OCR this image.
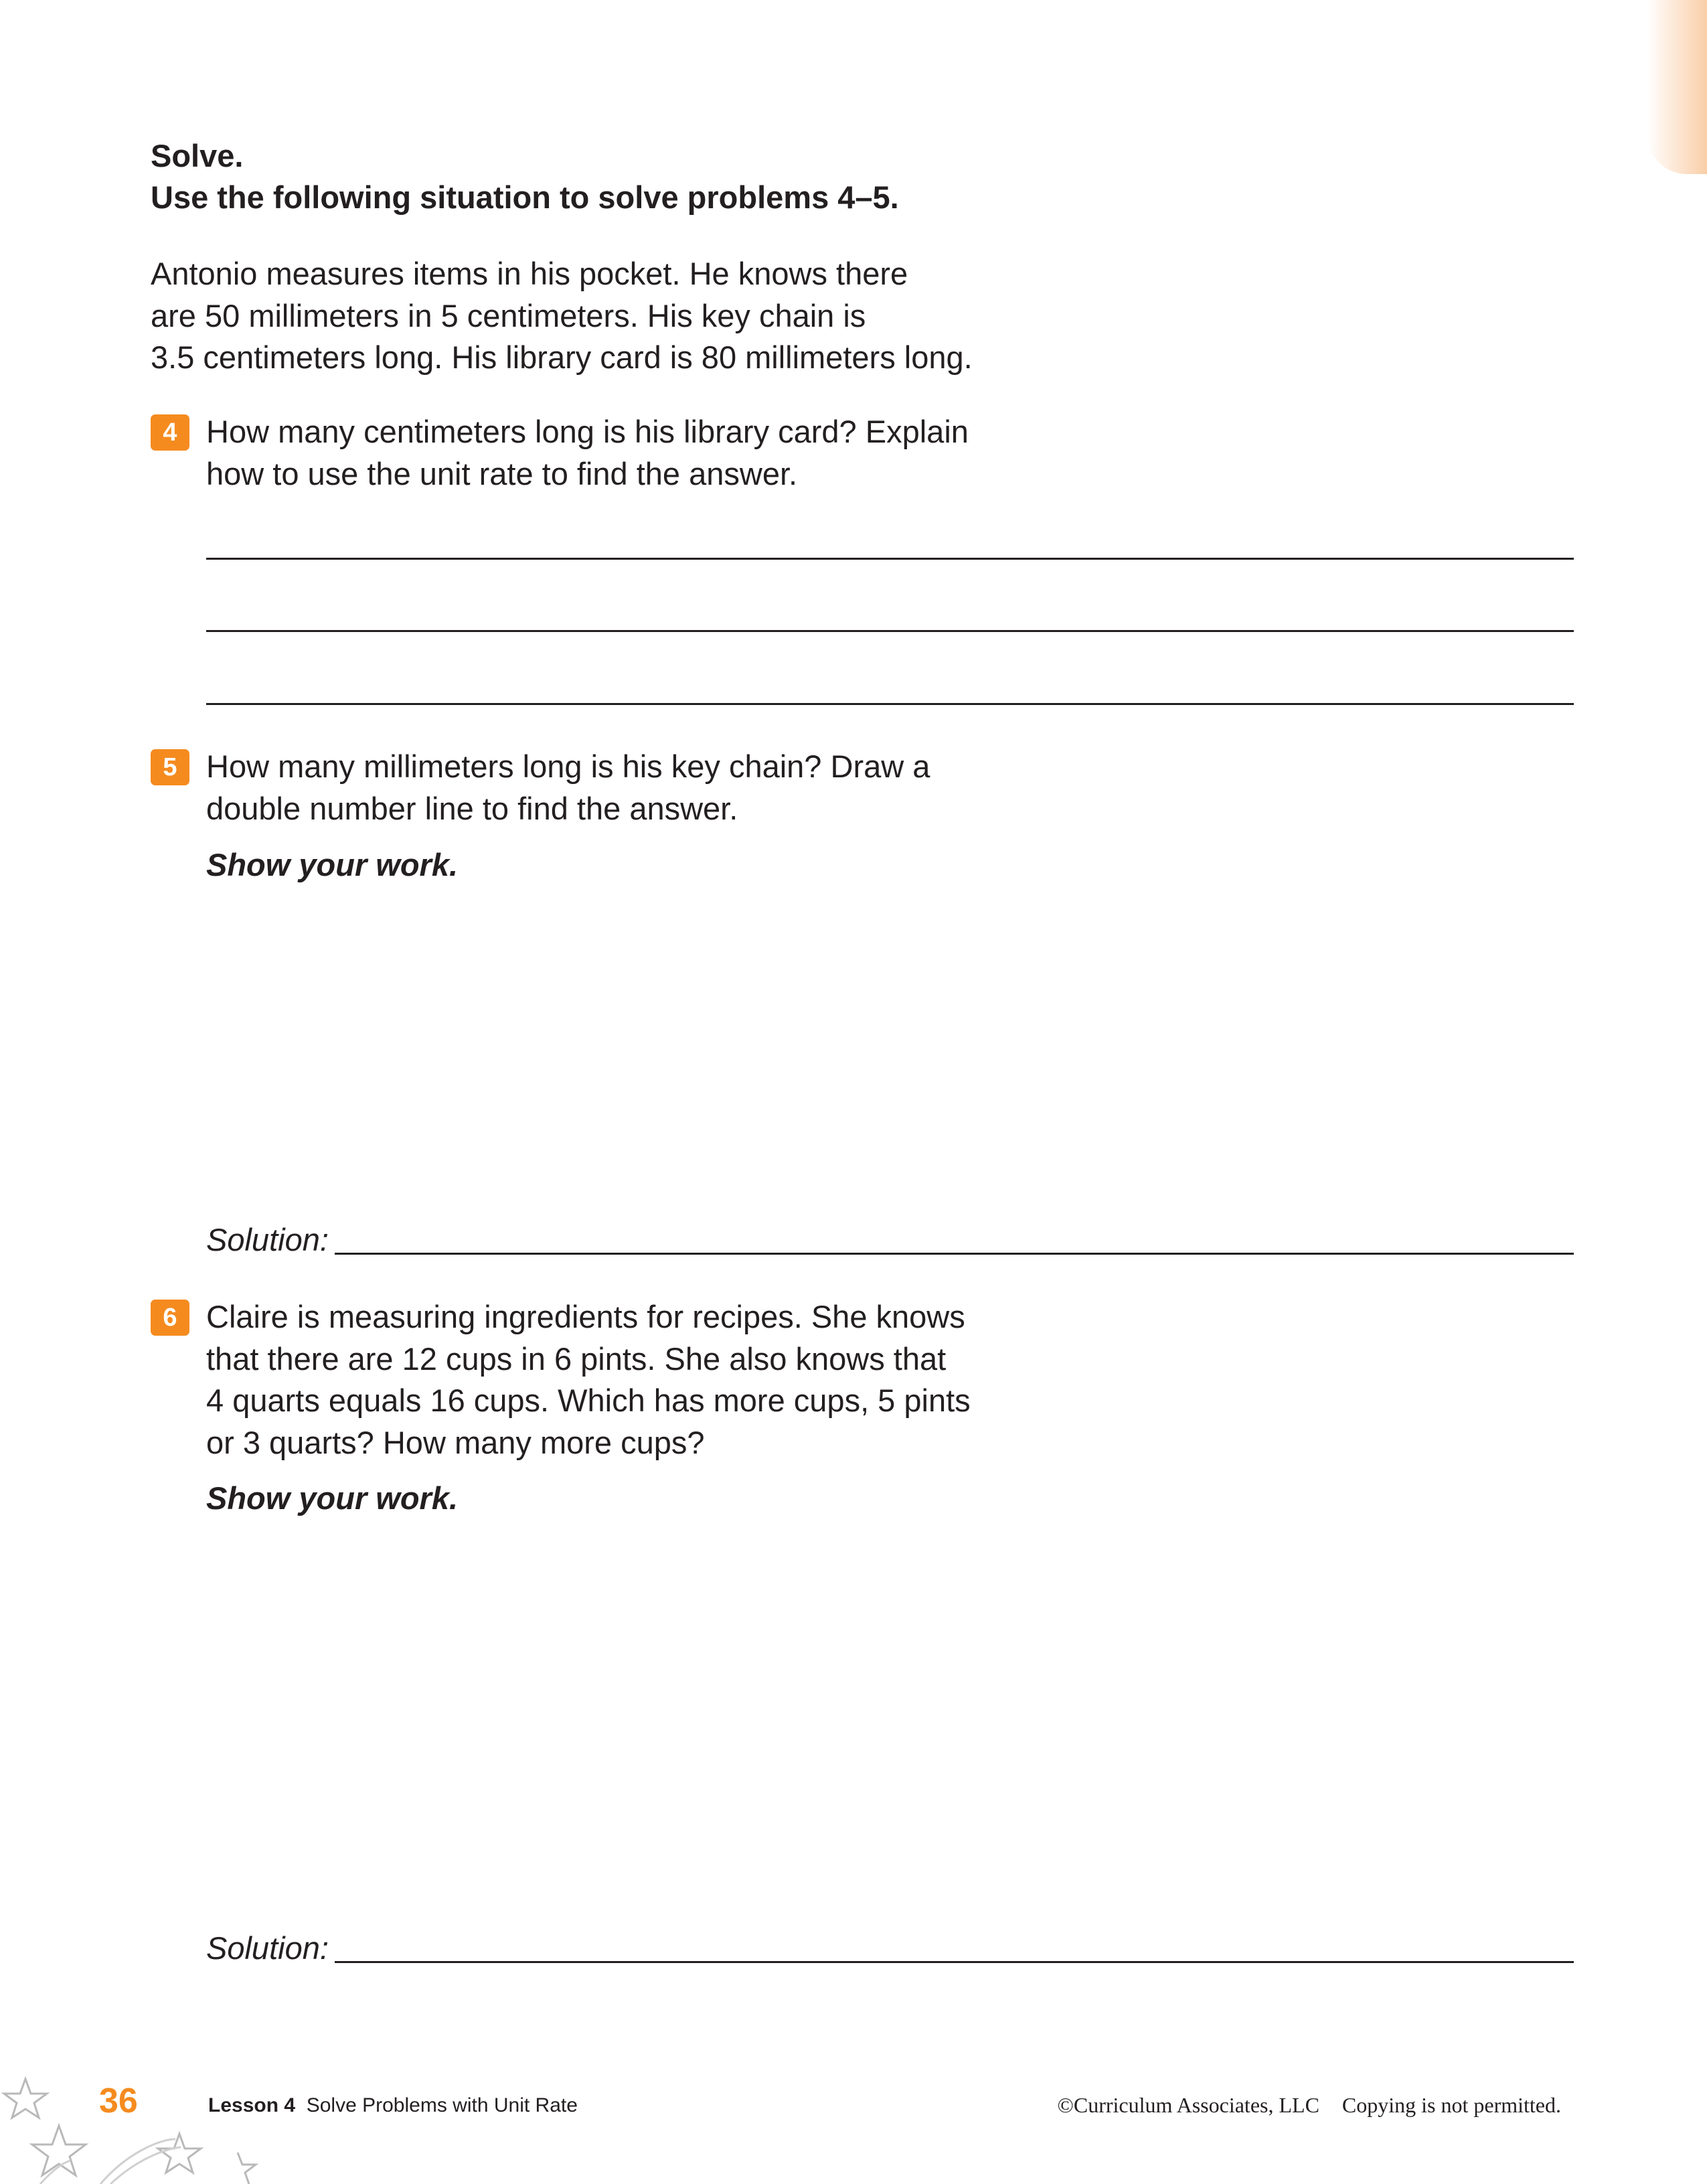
Solve.
Use the following situation to solve problems 4–5.
Antonio measures items in his pocket. He knows there
are 50 millimeters in 5 centimeters. His key chain is
3.5 centimeters long. His library card is 80 millimeters long.
4 How many centimeters long is his library card? Explain
how to use the unit rate to find the answer.
5 How many millimeters long is his key chain? Draw a
double number line to find the answer.
Show your work.
Solution:
6 Claire is measuring ingredients for recipes. She knows
that there are 12 cups in 6 pints. She also knows that
4 quarts equals 16 cups. Which has more cups, 5 pints
or 3 quarts? How many more cups?
Show your work.
Solution:
36	Lesson 4 Solve Problems with Unit Rate	©Curriculum Associates, LLC Copying is not permitted.
